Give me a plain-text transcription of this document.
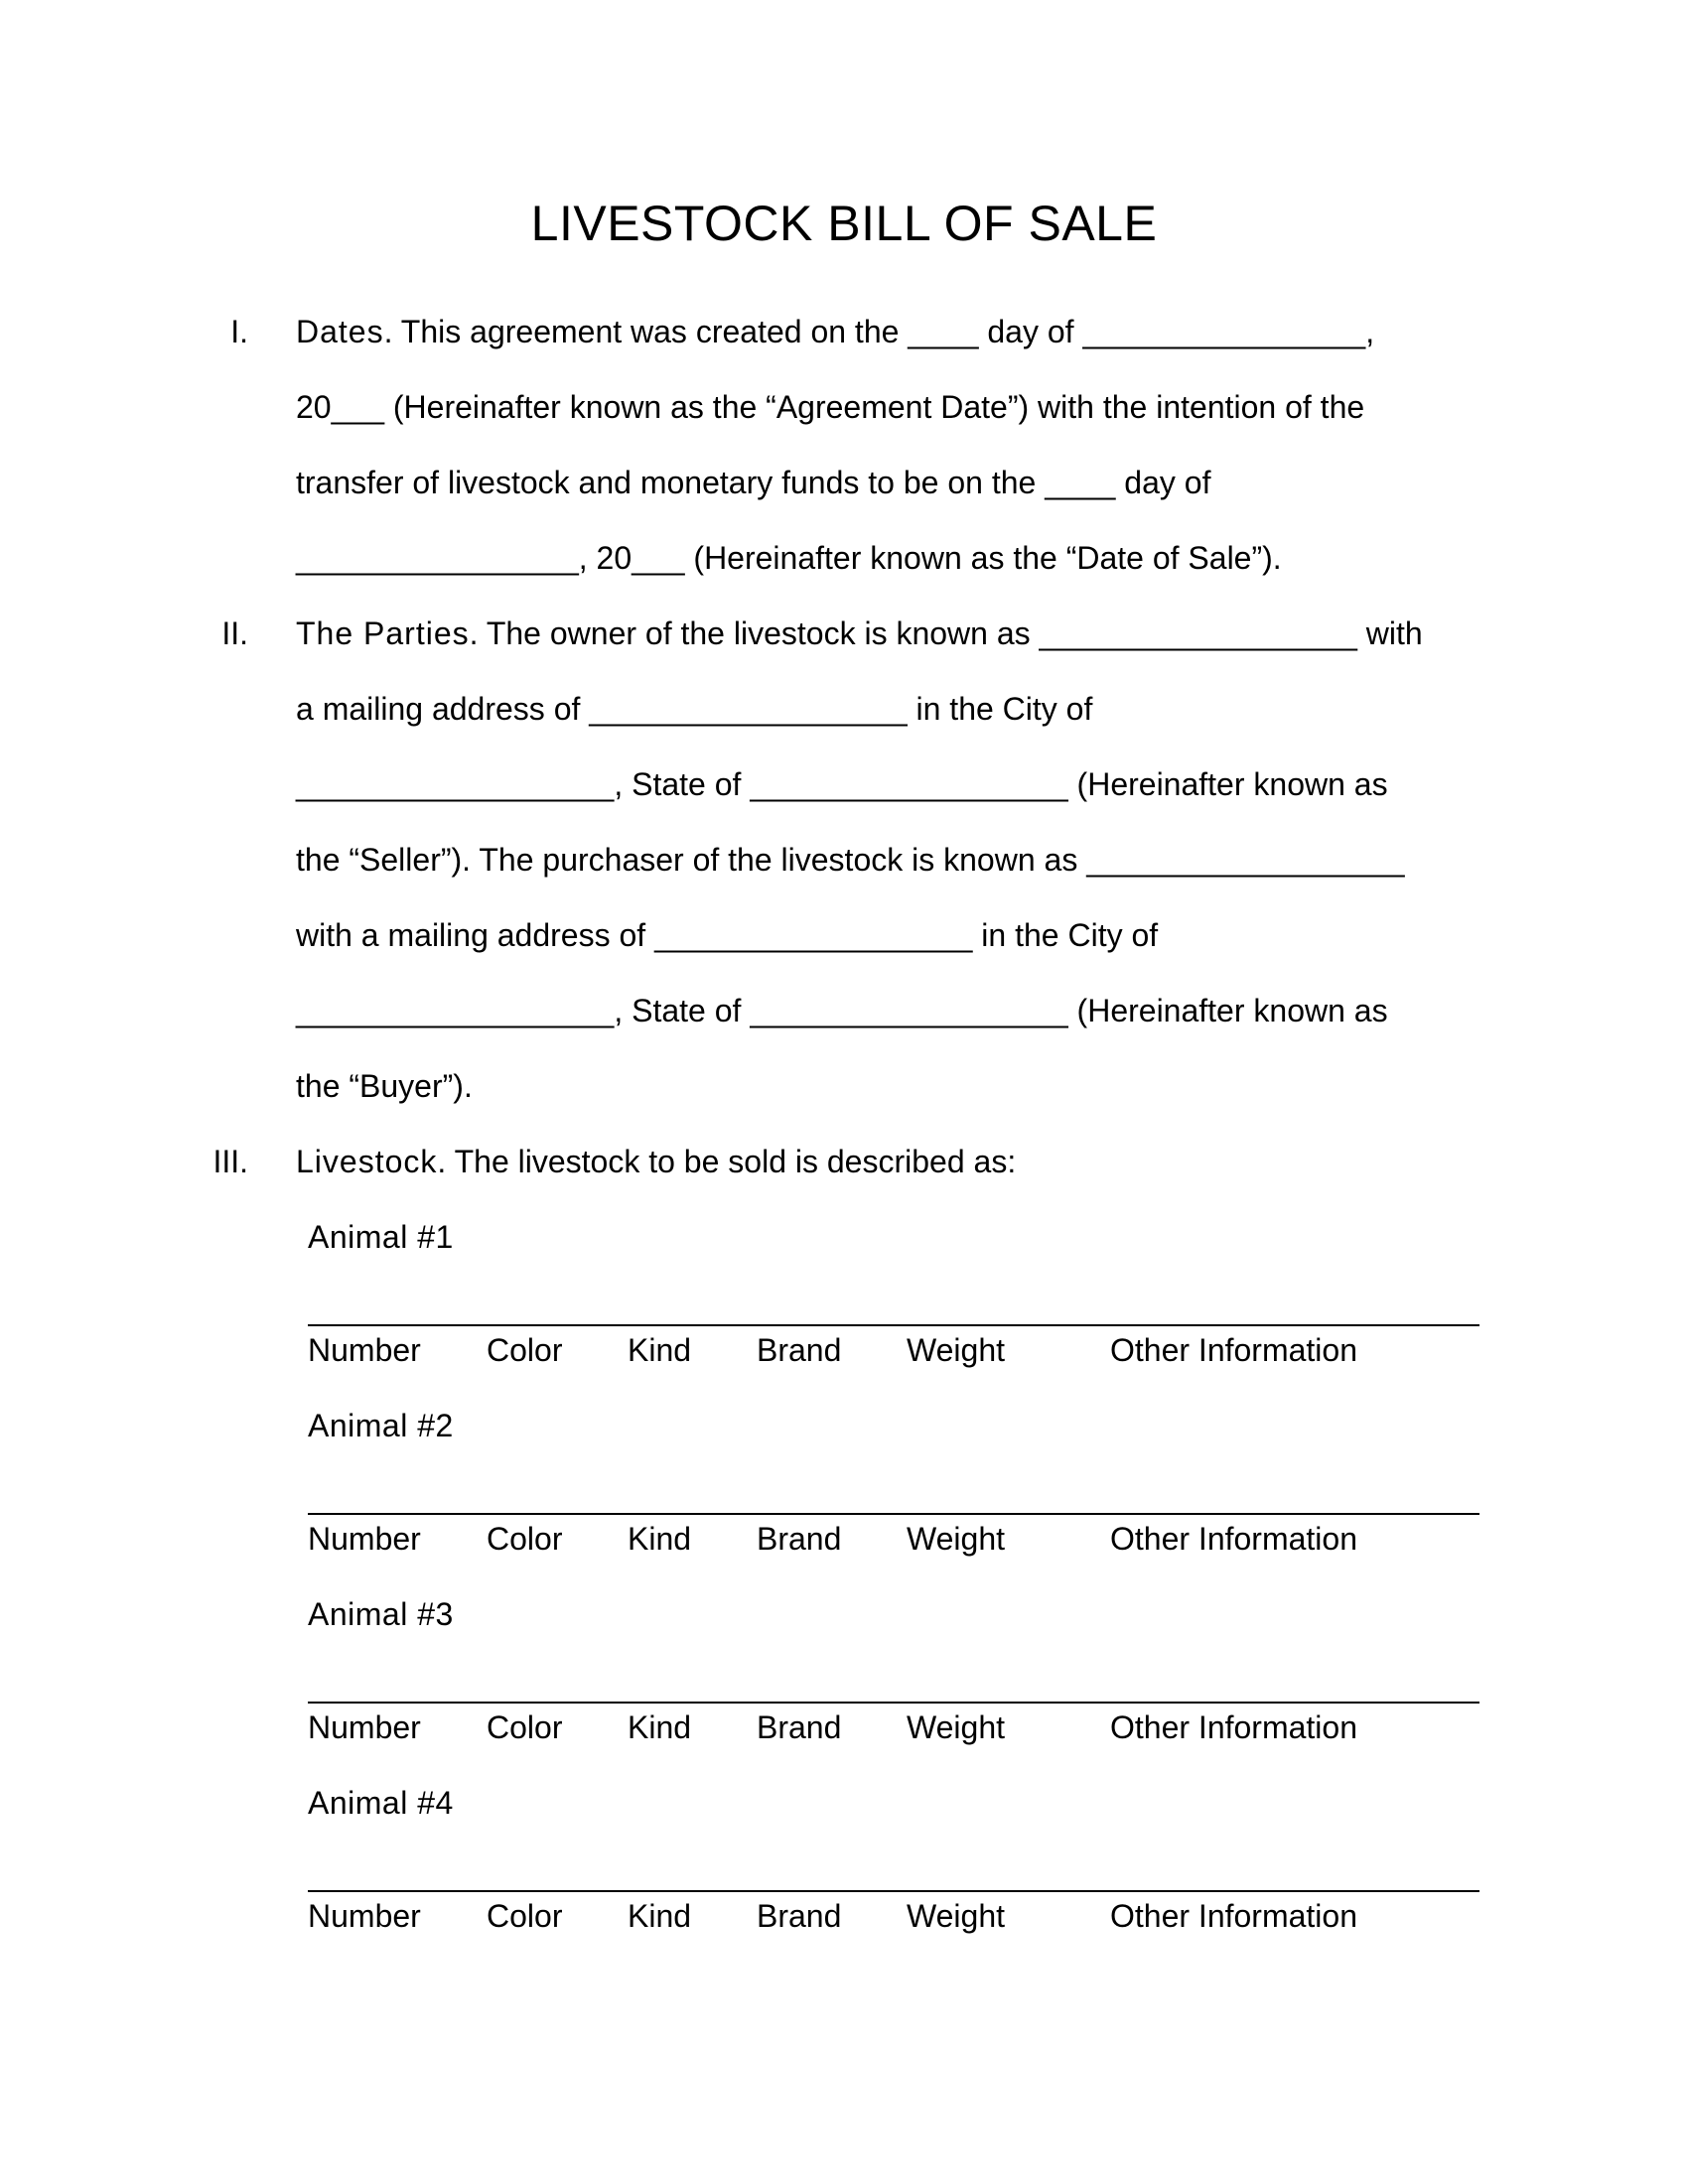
LIVESTOCK BILL OF SALE
I. Dates. This agreement was created on the ____ day of ________________,
20___ (Hereinafter known as the “Agreement Date”) with the intention of the
transfer of livestock and monetary funds to be on the ____ day of
________________, 20___ (Hereinafter known as the “Date of Sale”).
II. The Parties. The owner of the livestock is known as __________________ with
a mailing address of __________________ in the City of
__________________, State of __________________ (Hereinafter known as
the “Seller”). The purchaser of the livestock is known as __________________
with a mailing address of __________________ in the City of
__________________, State of __________________ (Hereinafter known as
the “Buyer”).
III. Livestock. The livestock to be sold is described as:
Animal #1
Number Color Kind Brand Weight	Other Information
Animal #2
Number Color Kind Brand Weight	Other Information
Animal #3
Number Color Kind Brand Weight	Other Information
Animal #4
Number Color Kind Brand Weight	Other Information
